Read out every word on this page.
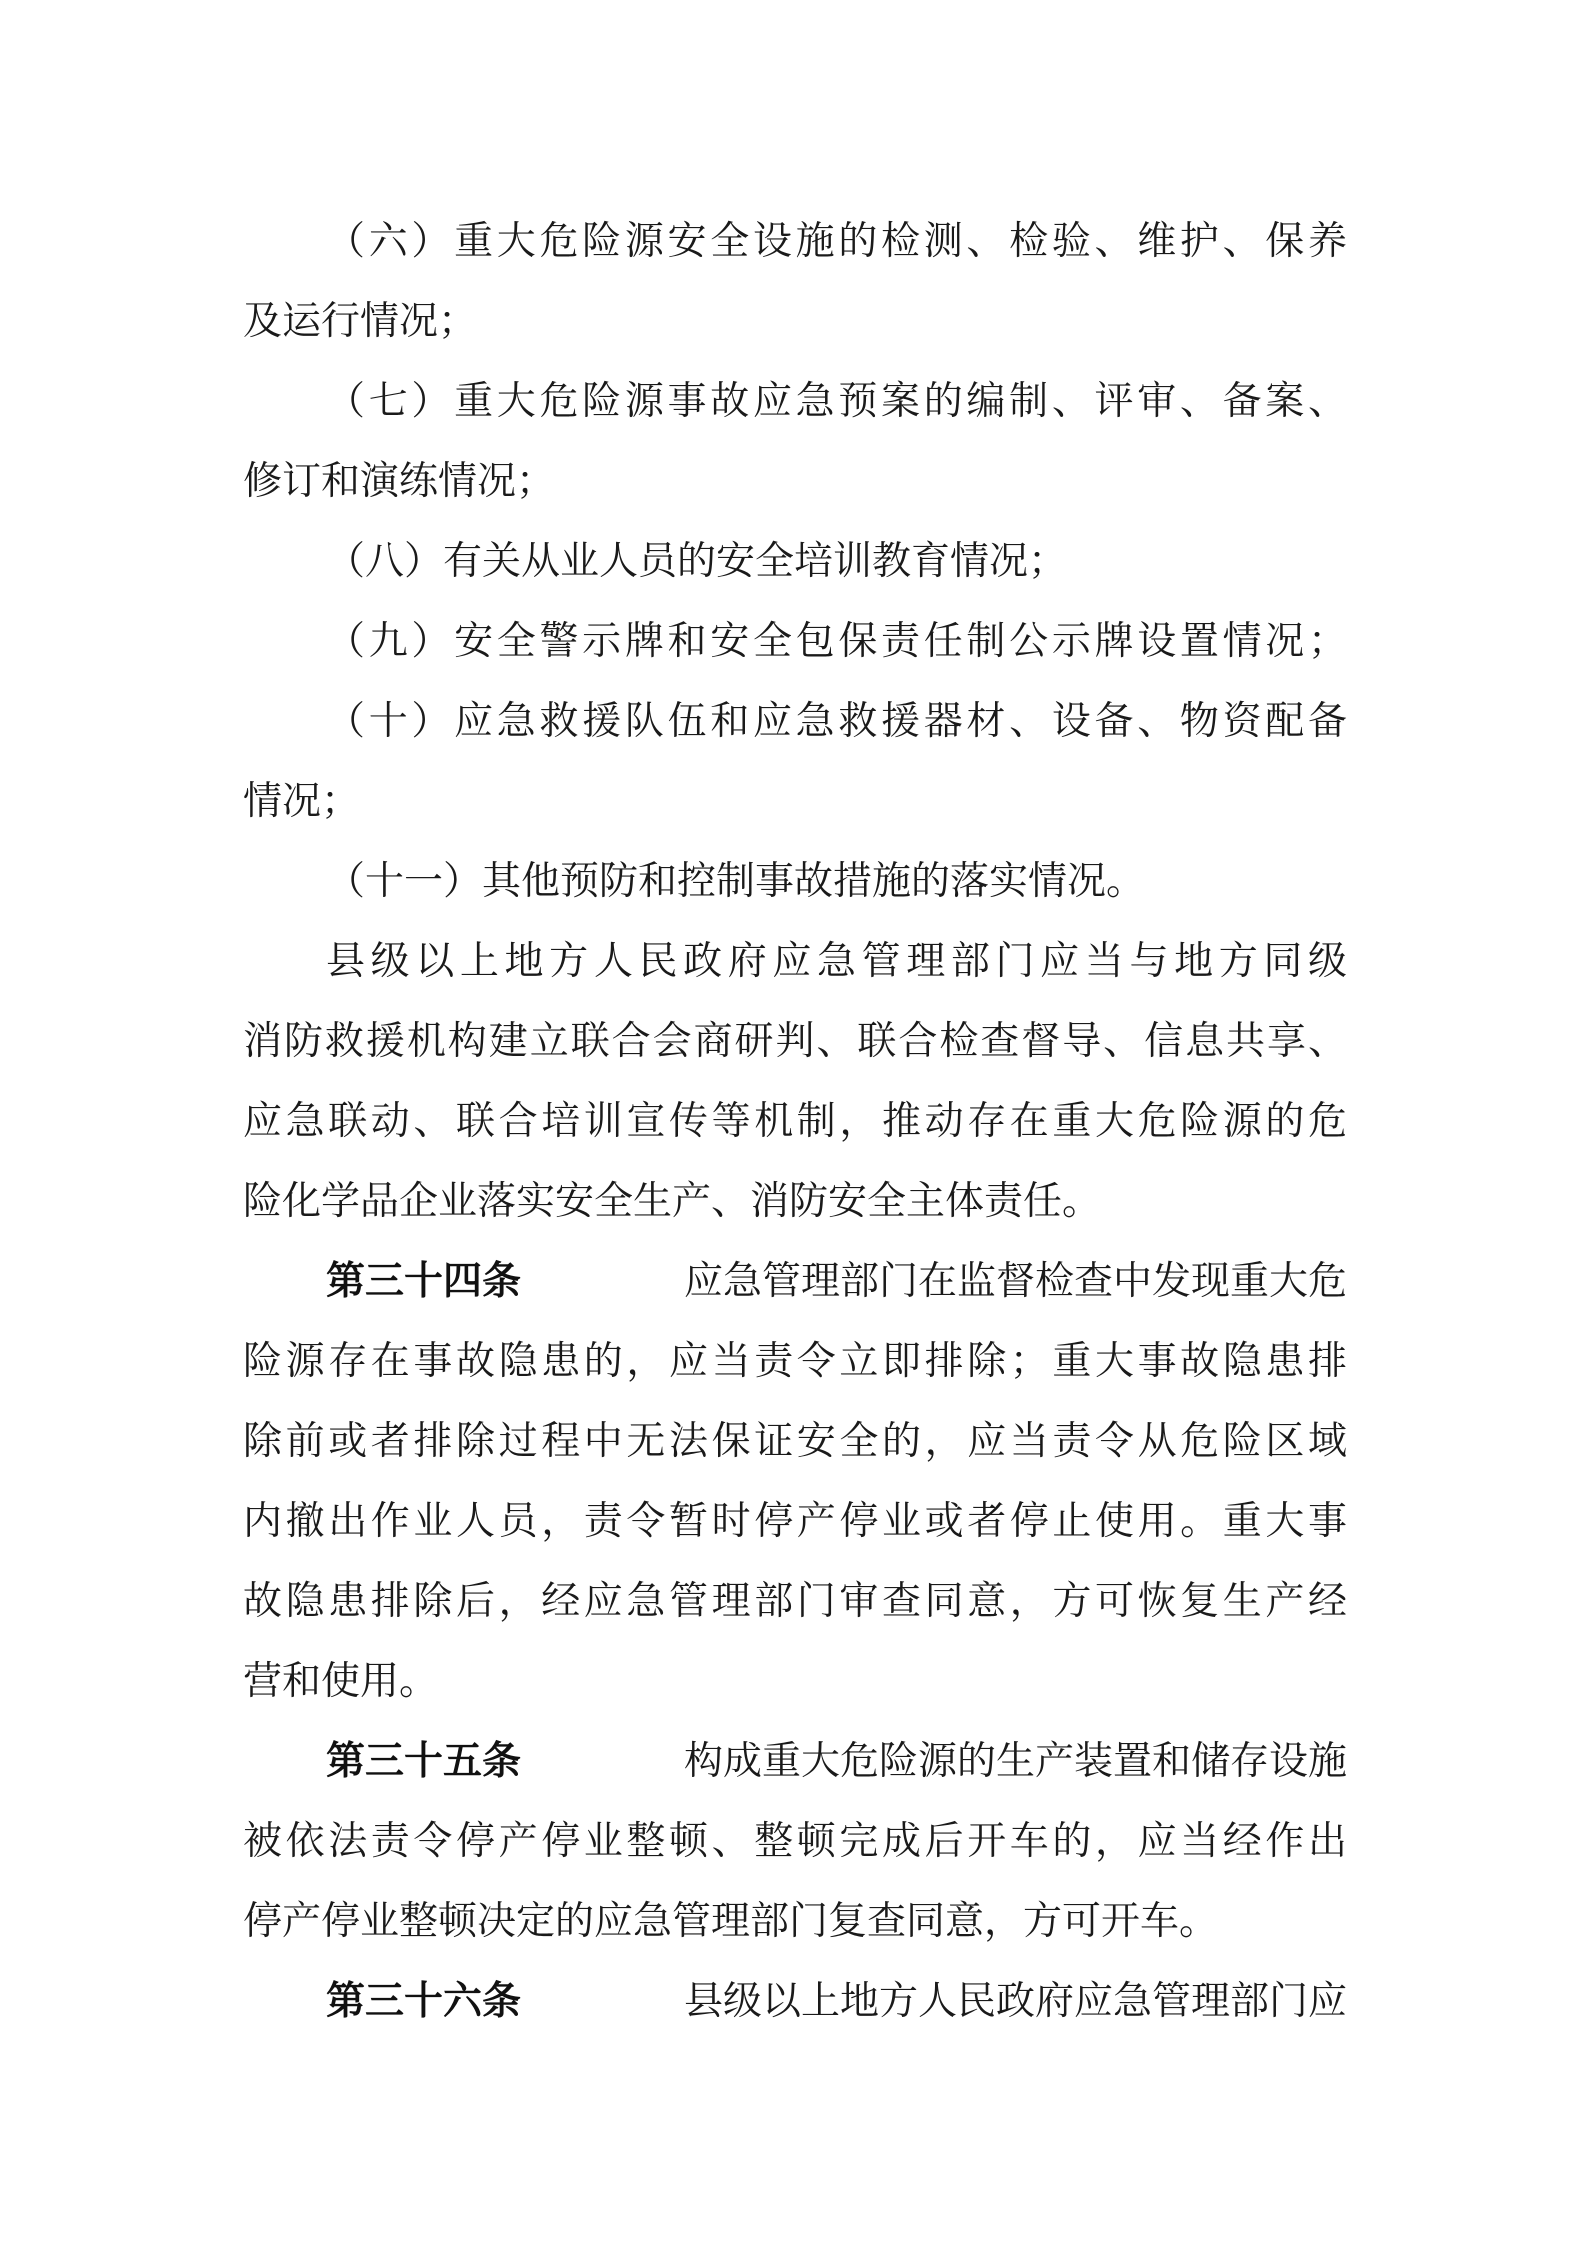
（六）重大危险源安全设施的检测、检验、维护、保养
及运行情况；
（七）重大危险源事故应急预案的编制、评审、备案、
修订和演练情况；
（八）有关从业人员的安全培训教育情况；
（九）安全警示牌和安全包保责任制公示牌设置情况；
（十）应急救援队伍和应急救援器材、设备、物资配备
情况；
（十一）其他预防和控制事故措施的落实情况。
县级以上地方人民政府应急管理部门应当与地方同级
消防救援机构建立联合会商研判、联合检查督导、信息共享、
应急联动、联合培训宣传等机制，推动存在重大危险源的危
险化学品企业落实安全生产、消防安全主体责任。
第三十四条	应急管理部门在监督检查中发现重大危
险源存在事故隐患的，应当责令立即排除；重大事故隐患排
除前或者排除过程中无法保证安全的，应当责令从危险区域
内撤出作业人员，责令暂时停产停业或者停止使用。重大事
故隐患排除后，经应急管理部门审查同意，方可恢复生产经
营和使用。
第三十五条	构成重大危险源的生产装置和储存设施
被依法责令停产停业整顿、整顿完成后开车的，应当经作出
停产停业整顿决定的应急管理部门复查同意，方可开车。
第三十六条	县级以上地方人民政府应急管理部门应
